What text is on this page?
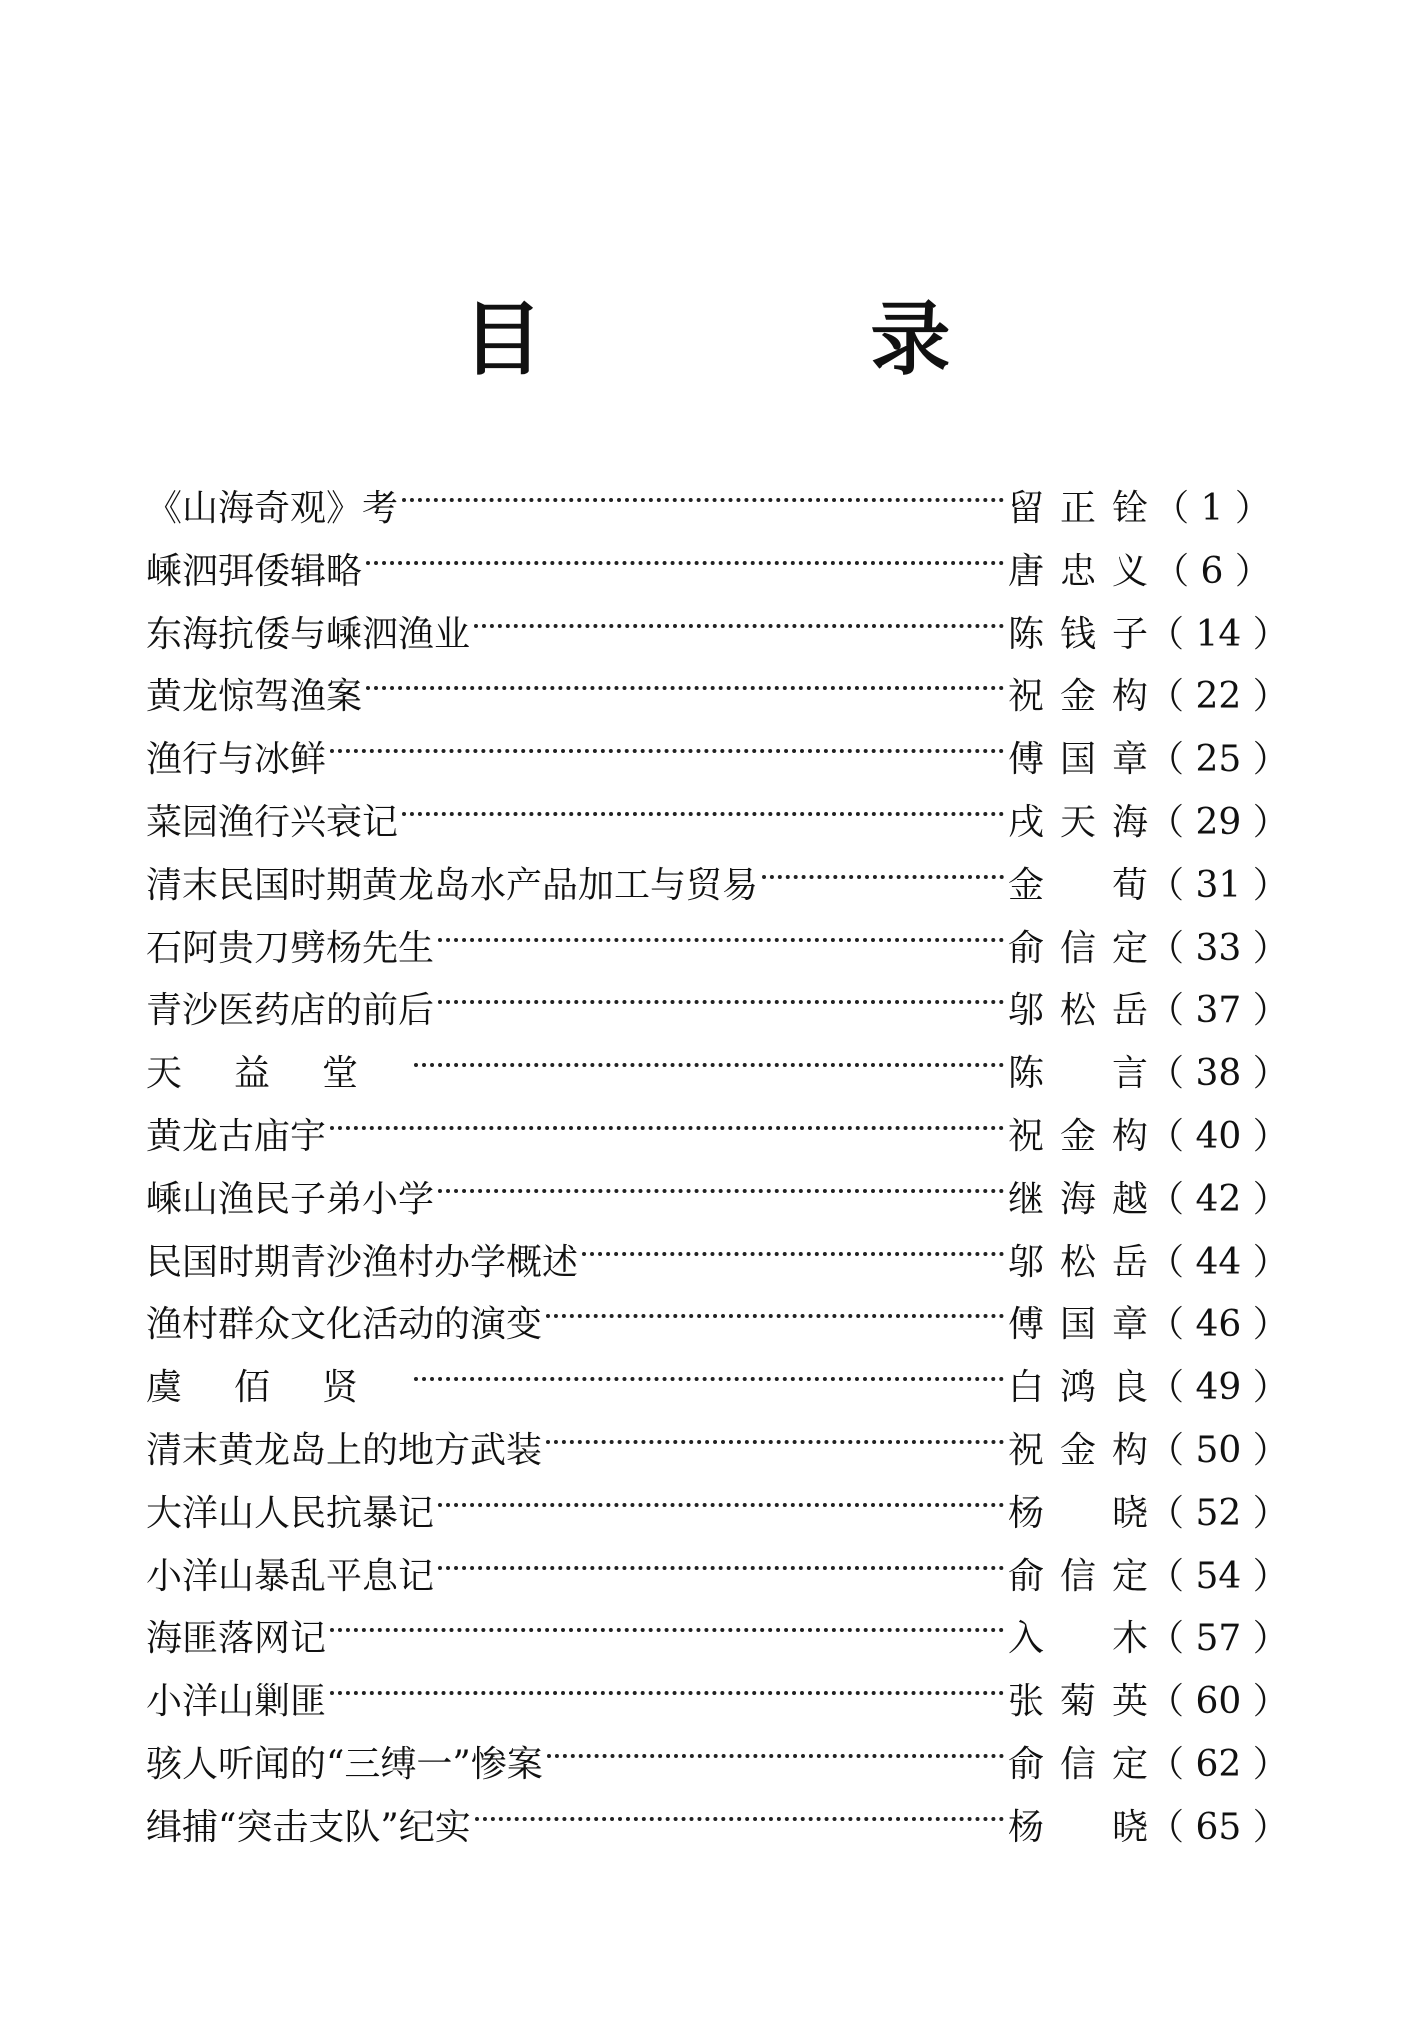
目 录
《山海奇观》考	留正铨 （ 1 ）
嵊泗弭倭辑略	唐忠义 （ 6 ）
东海抗倭与嵊泗渔业	陈钱子 （ 14 ）
黄龙惊驾渔案	祝金构 （ 22 ）
渔行与冰鲜	傅国章 （ 25 ）
菜园渔行兴衰记	戌天海 （ 29 ）
清末民国时期黄龙岛水产品加工与贸易	金 荀 （ 31 ）
石阿贵刀劈杨先生	俞信定 （ 33 ）
青沙医药店的前后	邬松岳 （ 37 ）
天益堂	陈 言 （ 38 ）
黄龙古庙宇	祝金构 （ 40 ）
嵊山渔民子弟小学	继海越 （ 42 ）
民国时期青沙渔村办学概述	邬松岳 （ 44 ）
渔村群众文化活动的演变	傅国章 （ 46 ）
虞佰贤	白鸿良 （ 49 ）
清末黄龙岛上的地方武装	祝金构 （ 50 ）
大洋山人民抗暴记	杨 晓 （ 52 ）
小洋山暴乱平息记	俞信定 （ 54 ）
海匪落网记	入 木 （ 57 ）
小洋山剿匪	张菊英 （ 60 ）
骇人听闻的“三缚一”惨案	俞信定 （ 62 ）
缉捕“突击支队”纪实	杨 晓 （ 65 ）
